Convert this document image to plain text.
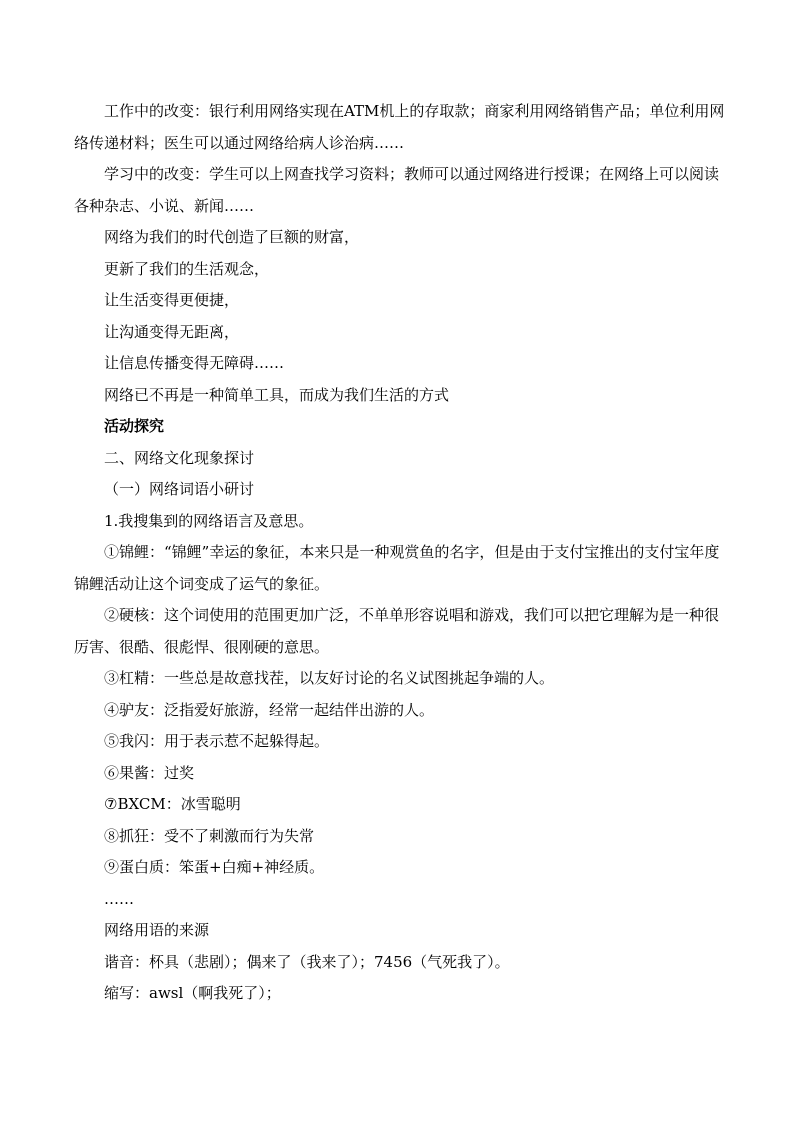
工作中的改变：银行利用网络实现在ATM机上的存取款；商家利用网络销售产品；单位利用网络传递材料；医生可以通过网络给病人诊治病……

学习中的改变：学生可以上网查找学习资料；教师可以通过网络进行授课；在网络上可以阅读各种杂志、小说、新闻……

网络为我们的时代创造了巨额的财富，

更新了我们的生活观念，

让生活变得更便捷，

让沟通变得无距离，

让信息传播变得无障碍……

网络已不再是一种简单工具，而成为我们生活的方式

活动探究

二、网络文化现象探讨

（一）网络词语小研讨

1.我搜集到的网络语言及意思。

①锦鲤：“锦鲤”幸运的象征，本来只是一种观赏鱼的名字，但是由于支付宝推出的支付宝年度锦鲤活动让这个词变成了运气的象征。

②硬核：这个词使用的范围更加广泛，不单单形容说唱和游戏，我们可以把它理解为是一种很厉害、很酷、很彪悍、很刚硬的意思。

③杠精：一些总是故意找茬，以友好讨论的名义试图挑起争端的人。

④驴友：泛指爱好旅游，经常一起结伴出游的人。

⑤我闪：用于表示惹不起躲得起。

⑥果酱：过奖

⑦BXCM：冰雪聪明

⑧抓狂：受不了刺激而行为失常

⑨蛋白质：笨蛋+白痴+神经质。

……

网络用语的来源

谐音：杯具（悲剧）；偶来了（我来了）；7456（气死我了）。

缩写：awsl（啊我死了）；
